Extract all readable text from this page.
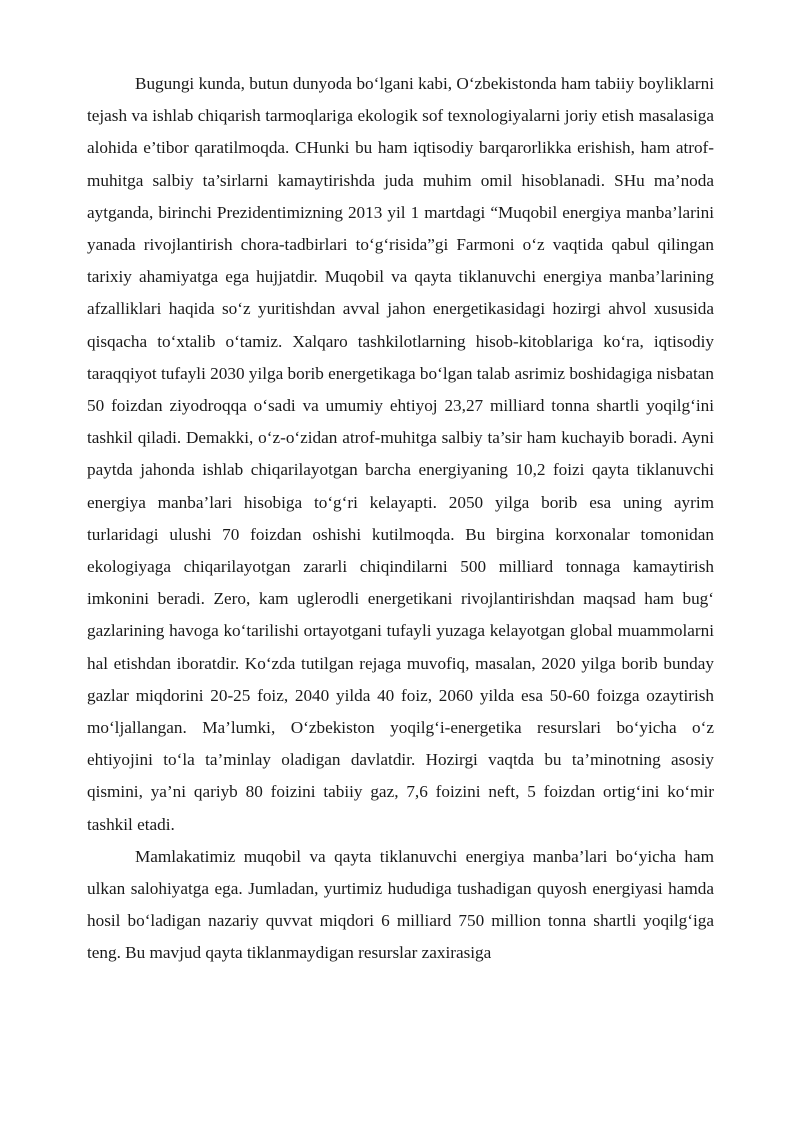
Bugungi kunda, butun dunyoda bo‘lgani kabi, O‘zbekistonda ham tabiiy boyliklarni tejash va ishlab chiqarish tarmoqlariga ekologik sof texnologiyalarni joriy etish masalasiga alohida e’tibor qaratilmoqda. CHunki bu ham iqtisodiy barqarorlikka erishish, ham atrof-muhitga salbiy ta’sirlarni kamaytirishda juda muhim omil hisoblanadi. SHu ma’noda aytganda, birinchi Prezidentimizning 2013 yil 1 martdagi “Muqobil energiya manba’larini yanada rivojlantirish chora-tadbirlari to‘g‘risida”gi Farmoni o‘z vaqtida qabul qilingan tarixiy ahamiyatga ega hujjatdir. Muqobil va qayta tiklanuvchi energiya manba’larining afzalliklari haqida so‘z yuritishdan avval jahon energetikasidagi hozirgi ahvol xususida qisqacha to‘xtalib o‘tamiz. Xalqaro tashkilotlarning hisob-kitoblariga ko‘ra, iqtisodiy taraqqiyot tufayli 2030 yilga borib energetikaga bo‘lgan talab asrimiz boshidagiga nisbatan 50 foizdan ziyodroqqa o‘sadi va umumiy ehtiyoj 23,27 milliard tonna shartli yoqilg‘ini tashkil qiladi. Demakki, o‘z-o‘zidan atrof-muhitga salbiy ta’sir ham kuchayib boradi. Ayni paytda jahonda ishlab chiqarilayotgan barcha energiyaning 10,2 foizi qayta tiklanuvchi energiya manba’lari hisobiga to‘g‘ri kelayapti. 2050 yilga borib esa uning ayrim turlaridagi ulushi 70 foizdan oshishi kutilmoqda. Bu birgina korxonalar tomonidan ekologiyaga chiqarilayotgan zararli chiqindilarni 500 milliard tonnaga kamaytirish imkonini beradi. Zero, kam uglerodli energetikani rivojlantirishdan maqsad ham bug‘ gazlarining havoga ko‘tarilishi ortayotgani tufayli yuzaga kelayotgan global muammolarni hal etishdan iboratdir. Ko‘zda tutilgan rejaga muvofiq, masalan, 2020 yilga borib bunday gazlar miqdorini 20-25 foiz, 2040 yilda 40 foiz, 2060 yilda esa 50-60 foizga ozaytirish mo‘ljallangan. Ma’lumki, O‘zbekiston yoqilg‘i-energetika resurslari bo‘yicha o‘z ehtiyojini to‘la ta’minlay oladigan davlatdir. Hozirgi vaqtda bu ta’minotning asosiy qismini, ya’ni qariyb 80 foizini tabiiy gaz, 7,6 foizini neft, 5 foizdan ortig‘ini ko‘mir tashkil etadi.

Mamlakatimiz muqobil va qayta tiklanuvchi energiya manba’lari bo‘yicha ham ulkan salohiyatga ega. Jumladan, yurtimiz hududiga tushadigan quyosh energiyasi hamda hosil bo‘ladigan nazariy quvvat miqdori 6 milliard 750 million tonna shartli yoqilg‘iga teng. Bu mavjud qayta tiklanmaydigan resurslar zaxirasiga
